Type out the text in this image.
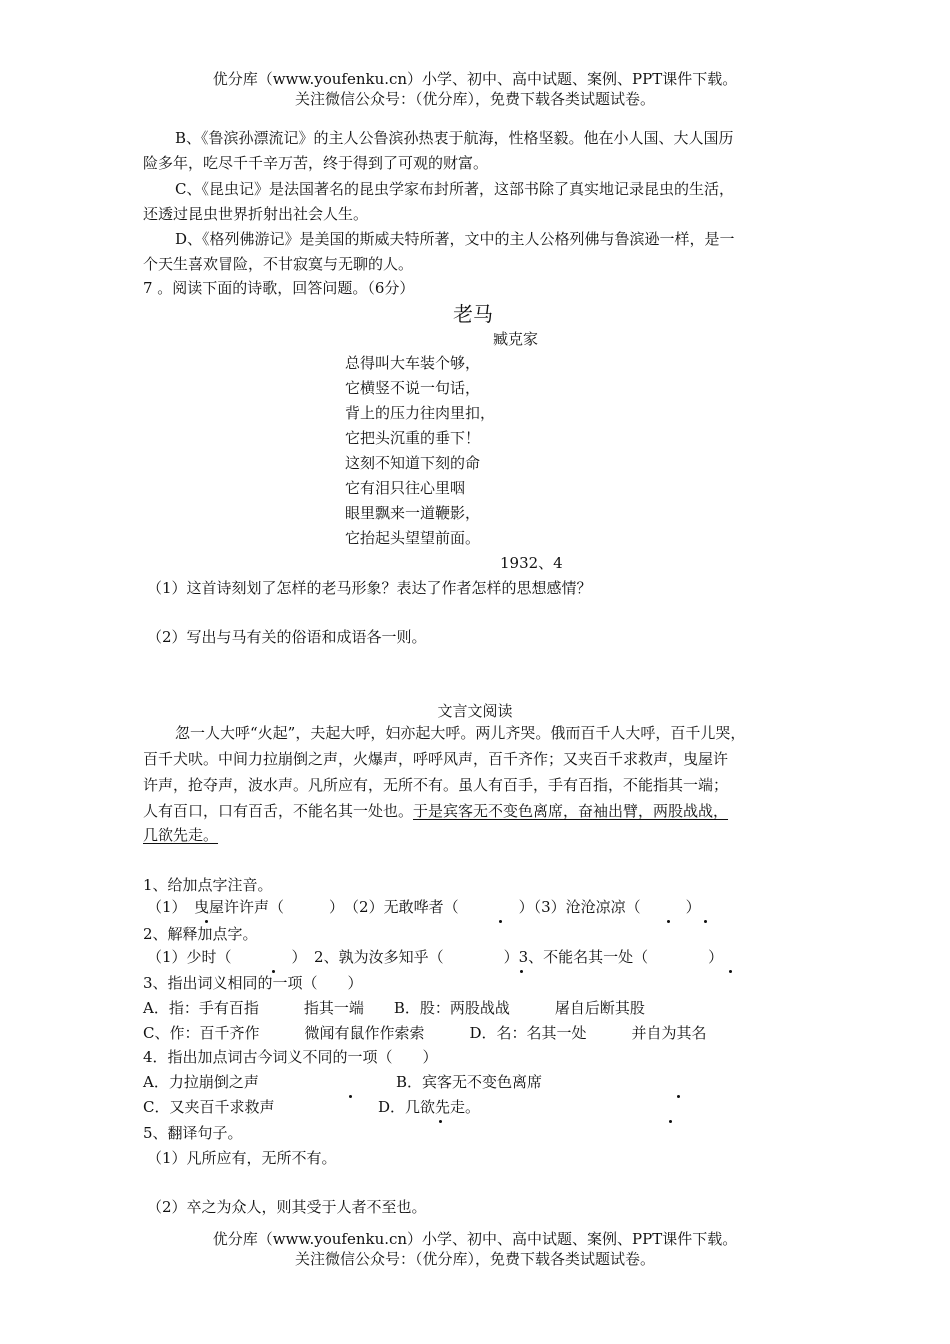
优分库（www.youfenku.cn）小学、初中、高中试题、案例、PPT课件下载。
关注微信公众号：（优分库），免费下载各类试题试卷。
B、《鲁滨孙漂流记》的主人公鲁滨孙热衷于航海，性格坚毅。他在小人国、大人国历
险多年，吃尽千千辛万苦，终于得到了可观的财富。
C、《昆虫记》是法国著名的昆虫学家布封所著，这部书除了真实地记录昆虫的生活，
还透过昆虫世界折射出社会人生。
D、《格列佛游记》是美国的斯威夫特所著，文中的主人公格列佛与鲁滨逊一样，是一
个天生喜欢冒险，不甘寂寞与无聊的人。
7 。阅读下面的诗歌，回答问题。（6分）
老马
臧克家
总得叫大车装个够，
它横竖不说一句话，
背上的压力往肉里扣，
它把头沉重的垂下！
这刻不知道下刻的命
它有泪只往心里咽
眼里飘来一道鞭影，
它抬起头望望前面。
1932、4
（1）这首诗刻划了怎样的老马形象？表达了作者怎样的思想感情？
（2）写出与马有关的俗语和成语各一则。
文言文阅读
忽一人大呼“火起”，夫起大呼，妇亦起大呼。两儿齐哭。俄而百千人大呼，百千儿哭，
百千犬吠。中间力拉崩倒之声，火爆声，呼呼风声，百千齐作；又夹百千求救声，曳屋许
许声，抢夺声，波水声。凡所应有，无所不有。虽人有百手，手有百指，不能指其一端；
人有百口，口有百舌，不能名其一处也。于是宾客无不变色离席，奋袖出臂，两股战战，
几欲先走。
1、给加点字注音。
（1）　曳屋许许声（　　　）　（2）无敢哗者（　　　　）（3）沧沧凉凉（　　　）

2、解释加点字。
（1）少时（　　　　）　2、孰为汝多知乎（　　　　）3、不能名其一处（　　　　）

3、指出词义相同的一项（　　）
A．指：手有百指　　　指其一端　　B．股：两股战战　　　屠自后断其股
C、作：百千齐作　　　微闻有鼠作作索索　　　D．名：名其一处　　　并自为其名
4．指出加点词古今词义不同的一项（　　）
A．力拉崩倒之声	B．宾客无不变色离席
C．又夹百千求救声	D．几欲先走。

5、翻译句子。
（1）凡所应有，无所不有。
（2）卒之为众人，则其受于人者不至也。
优分库（www.youfenku.cn）小学、初中、高中试题、案例、PPT课件下载。
关注微信公众号：（优分库），免费下载各类试题试卷。
